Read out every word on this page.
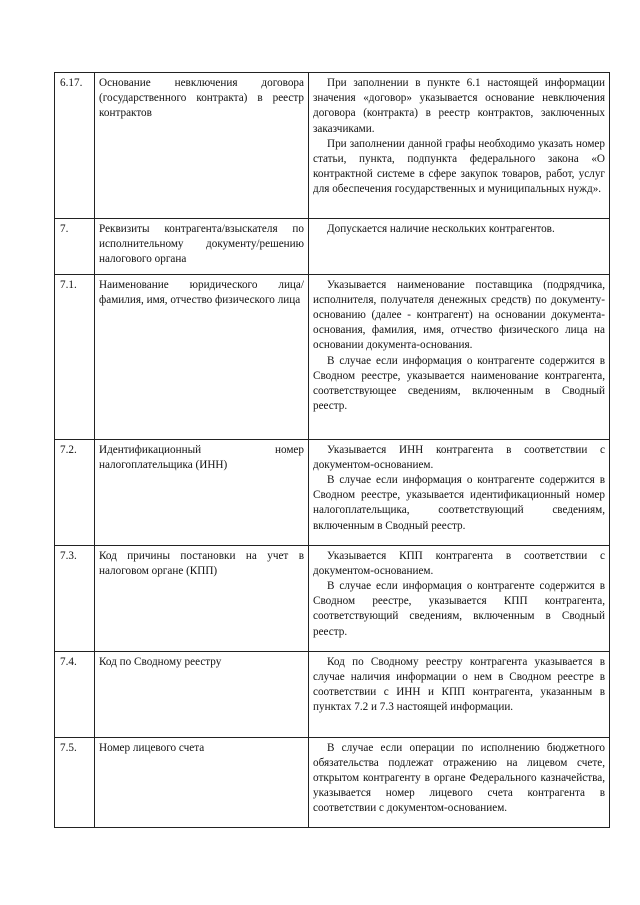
6.17.	Основание невключения договора (государственного контракта) в реестр контрактов	При заполнении в пункте 6.1 настоящей информации значения «договор» указывается основание невключения договора (контракта) в реестр контрактов, заключенных заказчиками.

При заполнении данной графы необходимо указать номер статьи, пункта, подпункта федерального закона «О контрактной системе в сфере закупок товаров, работ, услуг для обеспечения государственных и муниципальных нужд».

7.	Реквизиты контрагента/взыскателя по исполнительному документу/решению налогового органа	Допускается наличие нескольких контрагентов.

7.1.	Наименование юридического лица/фамилия, имя, отчество физического лица	Указывается наименование поставщика (подрядчика, исполнителя, получателя денежных средств) по документу-основанию (далее - контрагент) на основании документа-основания, фамилия, имя, отчество физического лица на основании документа-основания.

В случае если информация о контрагенте содержится в Сводном реестре, указывается наименование контрагента, соответствующее сведениям, включенным в Сводный реестр.

7.2.	Идентификационный номер налогоплательщика (ИНН)	Указывается ИНН контрагента в соответствии с документом-основанием.

В случае если информация о контрагенте содержится в Сводном реестре, указывается идентификационный номер налогоплательщика, соответствующий сведениям, включенным в Сводный реестр.

7.3.	Код причины постановки на учет в налоговом органе (КПП)	Указывается КПП контрагента в соответствии с документом-основанием.

В случае если информация о контрагенте содержится в Сводном реестре, указывается КПП контрагента, соответствующий сведениям, включенным в Сводный реестр.

7.4.	Код по Сводному реестру	Код по Сводному реестру контрагента указывается в случае наличия информации о нем в Сводном реестре в соответствии с ИНН и КПП контрагента, указанным в пунктах 7.2 и 7.3 настоящей информации.

7.5.	Номер лицевого счета	В случае если операции по исполнению бюджетного обязательства подлежат отражению на лицевом счете, открытом контрагенту в органе Федерального казначейства, указывается номер лицевого счета контрагента в соответствии с документом-основанием.
